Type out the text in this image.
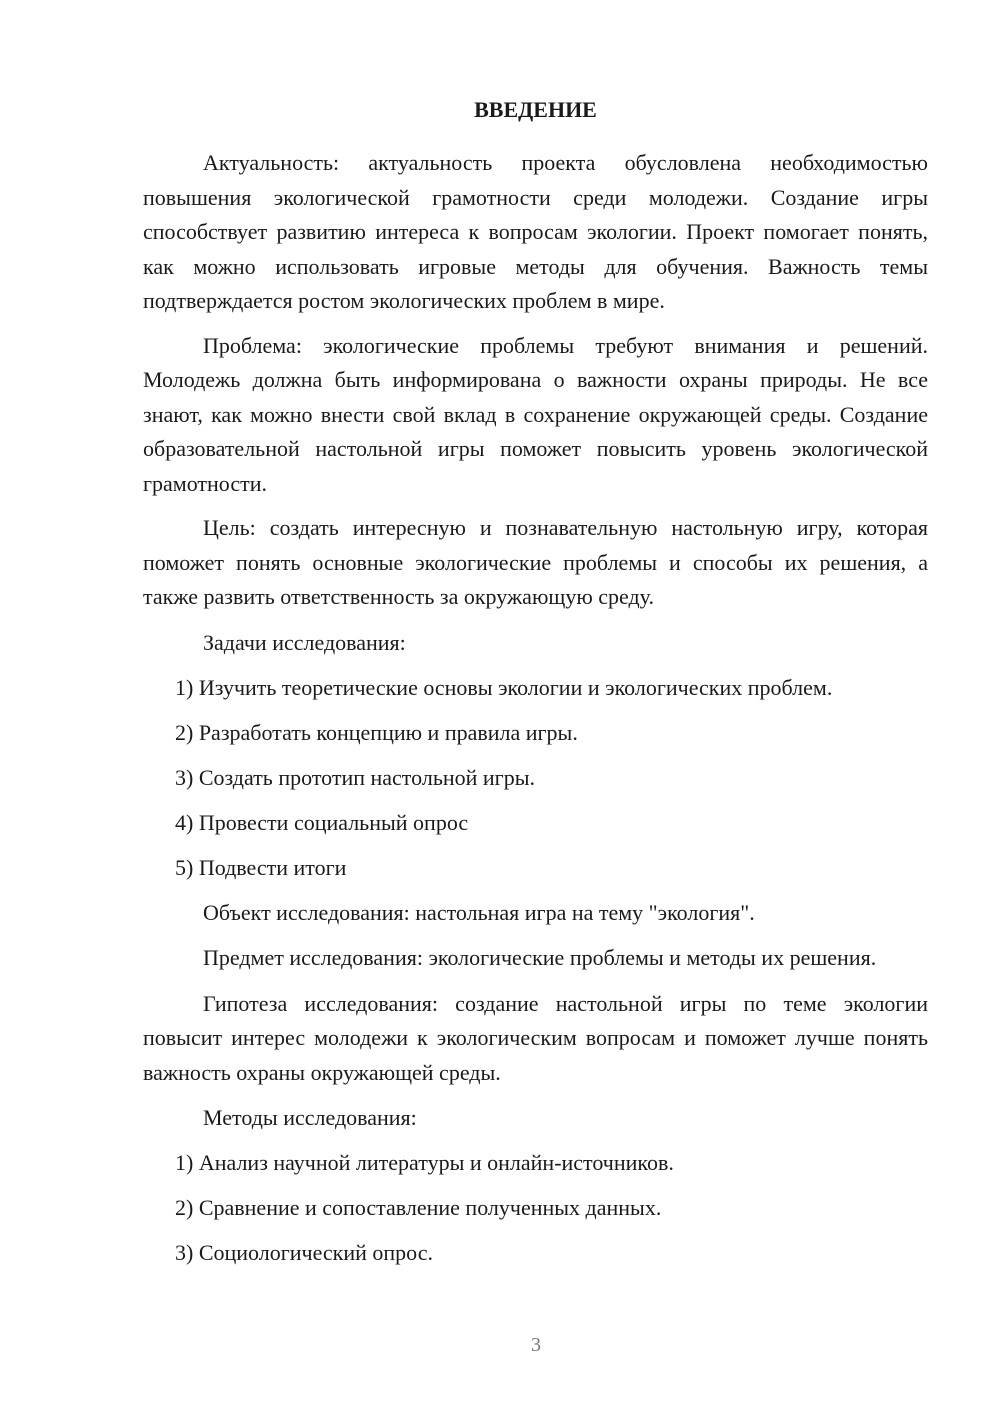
ВВЕДЕНИЕ

Актуальность: актуальность проекта обусловлена необходимостью повышения экологической грамотности среди молодежи. Создание игры способствует развитию интереса к вопросам экологии. Проект помогает понять, как можно использовать игровые методы для обучения. Важность темы подтверждается ростом экологических проблем в мире.

Проблема: экологические проблемы требуют внимания и решений. Молодежь должна быть информирована о важности охраны природы. Не все знают, как можно внести свой вклад в сохранение окружающей среды. Создание образовательной настольной игры поможет повысить уровень экологической грамотности.

Цель: создать интересную и познавательную настольную игру, которая поможет понять основные экологические проблемы и способы их решения, а также развить ответственность за окружающую среду.

Задачи исследования:

1) Изучить теоретические основы экологии и экологических проблем.

2) Разработать концепцию и правила игры.

3) Создать прототип настольной игры.

4) Провести социальный опрос

5) Подвести итоги

Объект исследования: настольная игра на тему "экология".

Предмет исследования: экологические проблемы и методы их решения.

Гипотеза исследования: создание настольной игры по теме экологии повысит интерес молодежи к экологическим вопросам и поможет лучше понять важность охраны окружающей среды.

Методы исследования:

1) Анализ научной литературы и онлайн-источников.

2) Сравнение и сопоставление полученных данных.

3) Социологический опрос.

3
